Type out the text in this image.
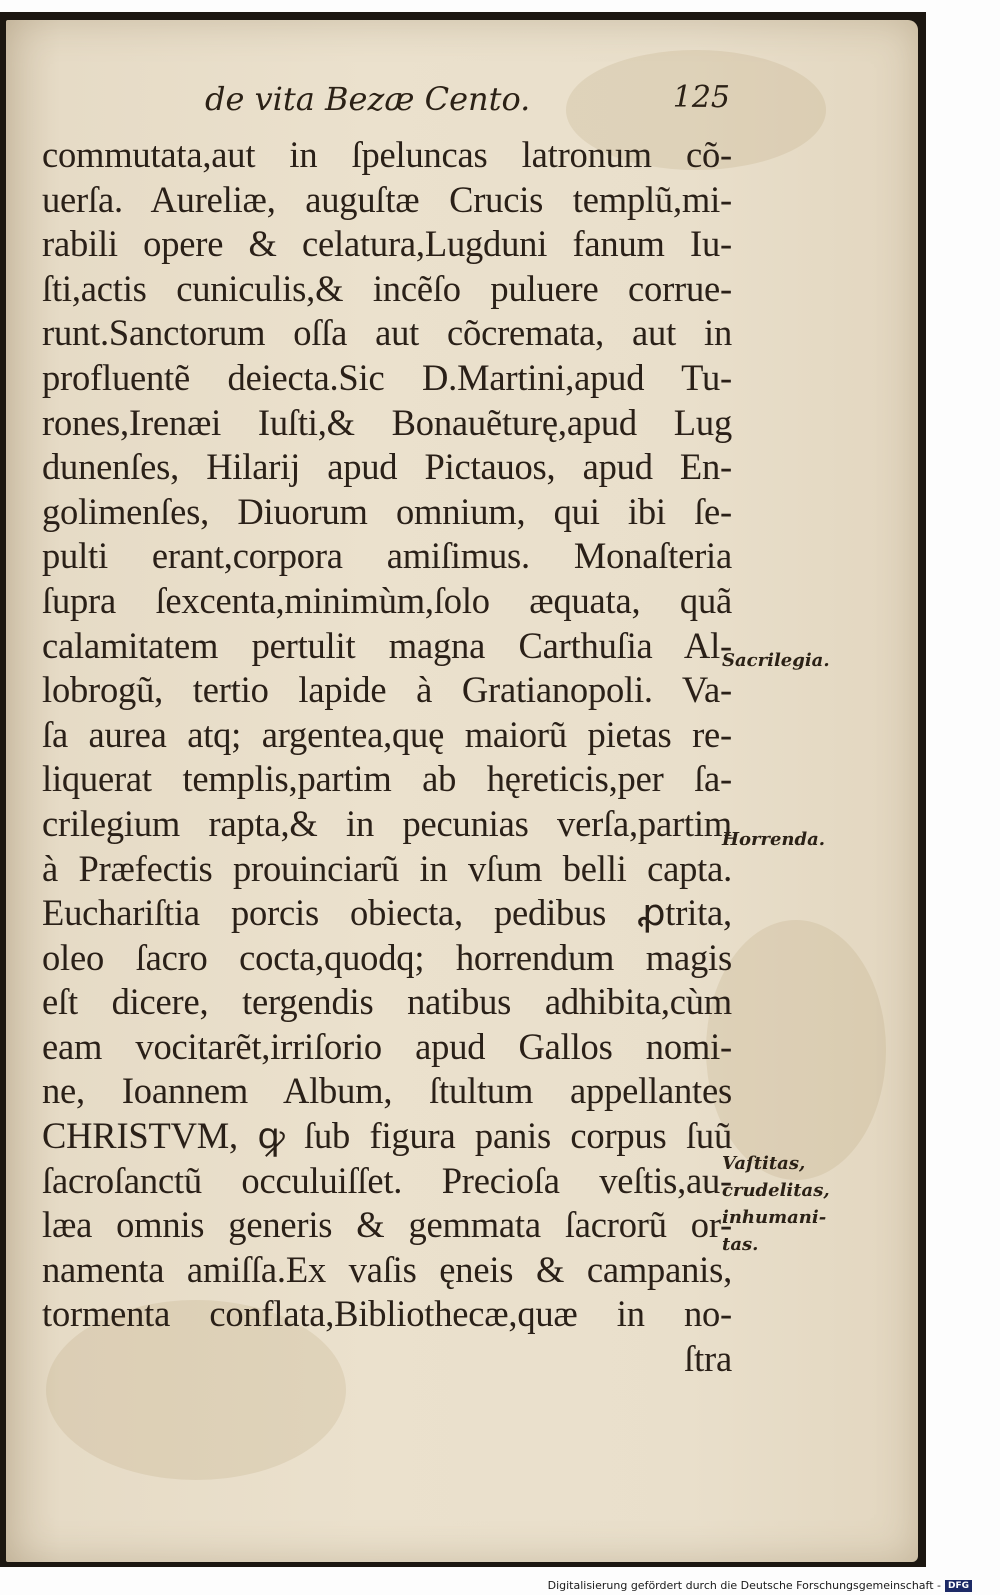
de vita Bezæ Cento.	125
commutata,aut in ſpeluncas latronum cõ-
uerſa. Aureliæ, auguſtæ Crucis templũ,mi-
rabili opere & celatura,Lugduni fanum Iu-
ſti,actis cuniculis,& incẽſo puluere corrue-
runt.Sanctorum oſſa aut cõcremata, aut in
profluentẽ deiecta.Sic D.Martini,apud Tu-
rones,Irenæi Iuſti,& Bonauẽturę,apud Lug
dunenſes, Hilarij apud Pictauos, apud En-
golimenſes, Diuorum omnium, qui ibi ſe-
pulti erant,corpora amiſimus. Monaſteria
ſupra ſexcenta,minimùm,ſolo æquata, quã
calamitatem pertulit magna Carthuſia Al-
lobrogũ, tertio lapide à Gratianopoli. Va-
ſa aurea atq; argentea,quę maiorũ pietas re-
liquerat templis,partim ab hęreticis,per ſa-
crilegium rapta,& in pecunias verſa,partim
à Præfectis prouinciarũ in vſum belli capta.
Euchariſtia porcis obiecta, pedibus ꝓtrita,
oleo ſacro cocta,quodq; horrendum magis
eſt dicere, tergendis natibus adhibita,cùm
eam vocitarẽt,irriſorio apud Gallos nomi-
ne, Ioannem Album, ſtultum appellantes
CHRISTVM, ꝙ ſub figura panis corpus ſuũ
ſacroſanctũ occuluiſſet. Precioſa veſtis,au-
læa omnis generis & gemmata ſacrorũ or-
namenta amiſſa.Ex vaſis ęneis & campanis,
tormenta conflata,Bibliothecæ,quæ in no-
ſtra
Sacrilegia.
Horrenda.
Vaſtitas,
crudelitas,
inhumani-
tas.
Digitalisierung gefördert durch die Deutsche Forschungsgemeinschaft - DFG
